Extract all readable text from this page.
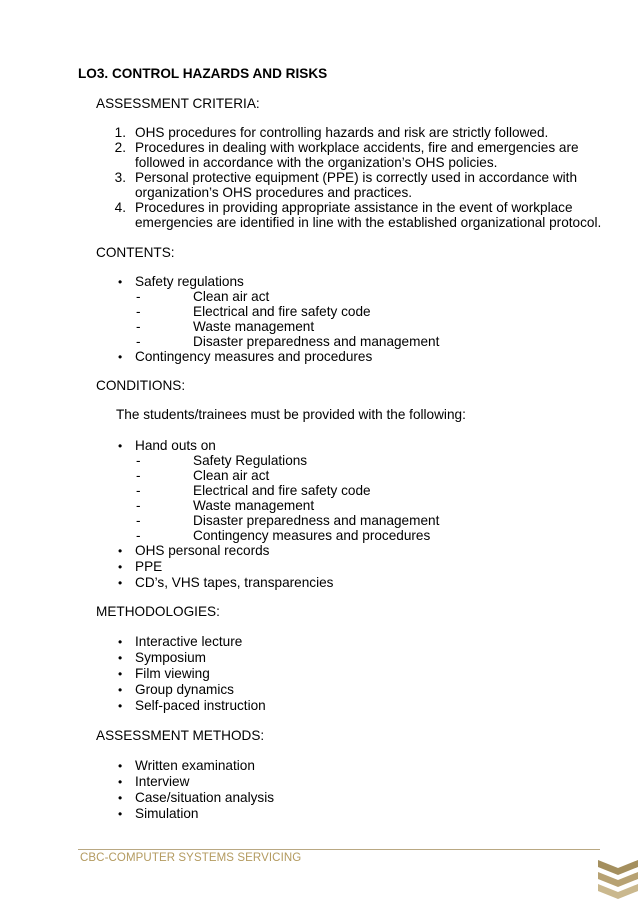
LO3. CONTROL HAZARDS AND RISKS
ASSESSMENT CRITERIA:
1. OHS procedures for controlling hazards and risk are strictly followed.
2. Procedures in dealing with workplace accidents, fire and emergencies are
followed in accordance with the organization’s OHS policies.
3. Personal protective equipment (PPE) is correctly used in accordance with
organization’s OHS procedures and practices.
4. Procedures in providing appropriate assistance in the event of workplace
emergencies are identified in line with the established organizational protocol.
CONTENTS:
• Safety regulations
-	Clean air act
-	Electrical and fire safety code
-	Waste management
-	Disaster preparedness and management
• Contingency measures and procedures
CONDITIONS:
The students/trainees must be provided with the following:
• Hand outs on
-	Safety Regulations
-	Clean air act
-	Electrical and fire safety code
-	Waste management
-	Disaster preparedness and management
-	Contingency measures and procedures
• OHS personal records
• PPE
• CD’s, VHS tapes, transparencies
METHODOLOGIES:
• Interactive lecture
• Symposium
• Film viewing
• Group dynamics
• Self-paced instruction
ASSESSMENT METHODS:
• Written examination
• Interview
• Case/situation analysis
• Simulation
CBC-COMPUTER SYSTEMS SERVICING
